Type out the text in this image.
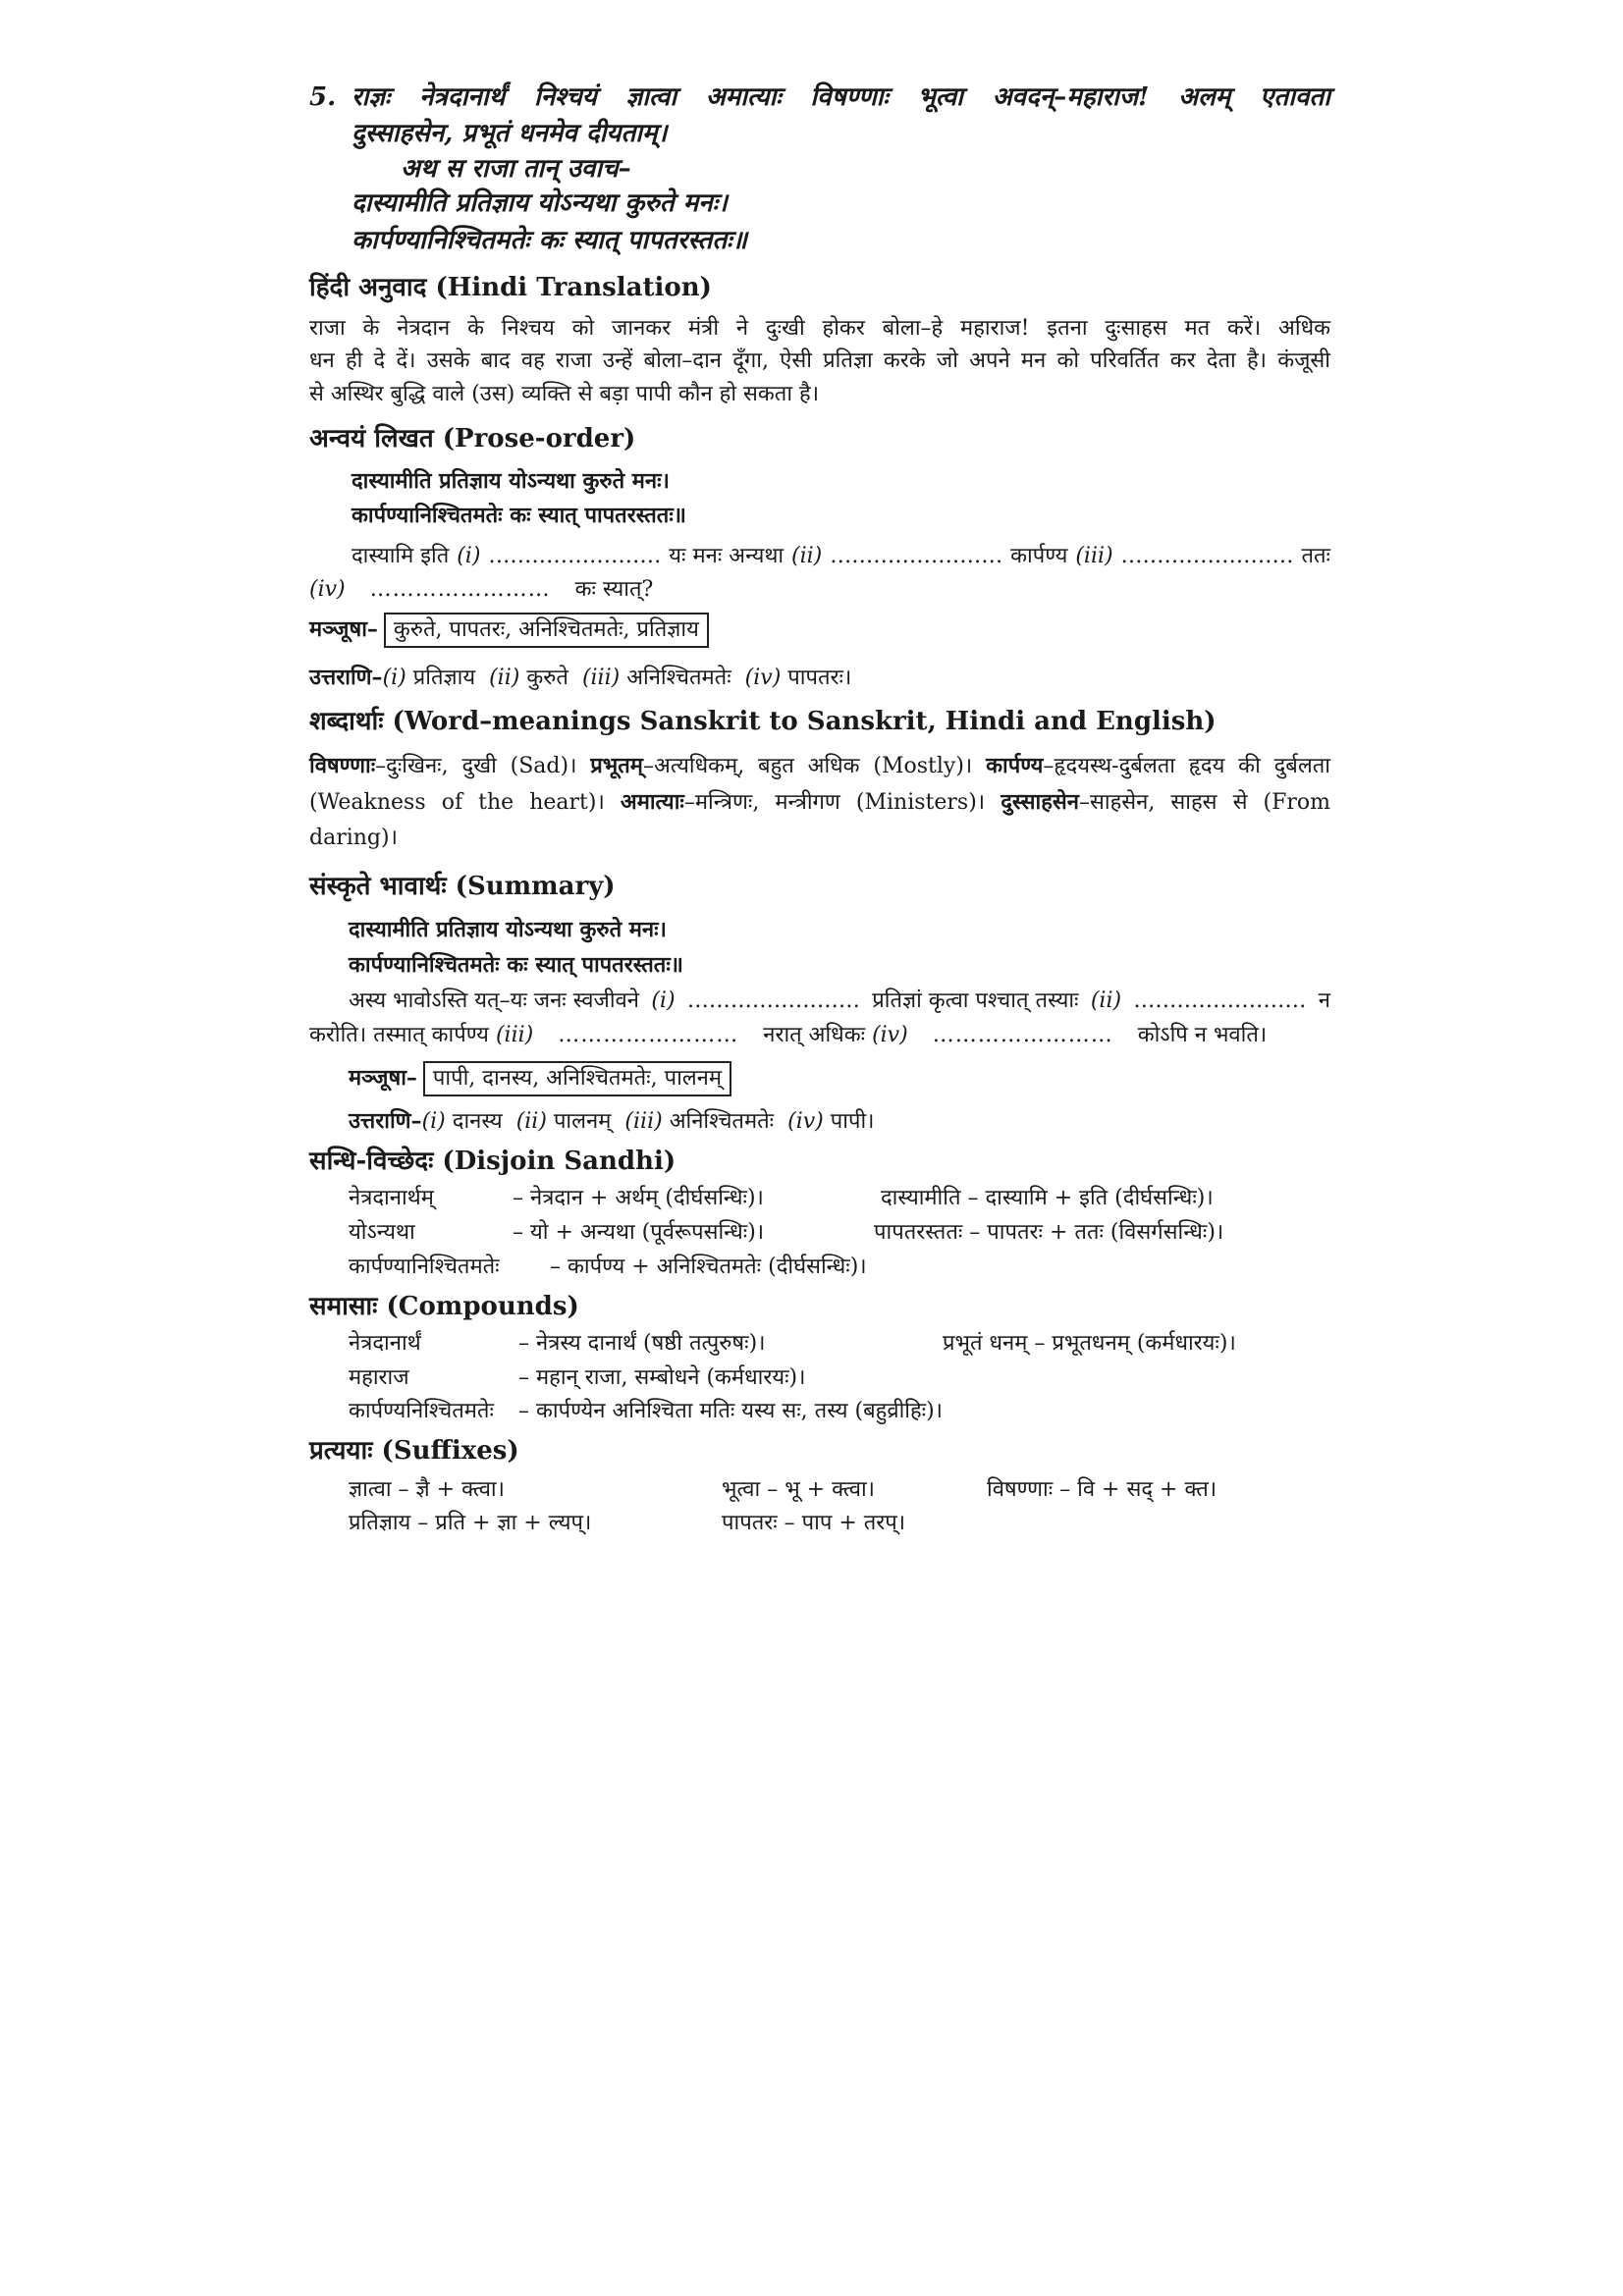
5. राज्ञः नेत्रदानार्थं निश्चयं ज्ञात्वा अमात्याः विषण्णाः भूत्वा अवदन्–महाराज! अलम् एतावता
दुस्साहसेन, प्रभूतं धनमेव दीयताम्।
अथ स राजा तान् उवाच–
दास्यामीति प्रतिज्ञाय योऽन्यथा कुरुते मनः।
कार्पण्यानिश्चितमतेः कः स्यात् पापतरस्ततः॥
हिंदी अनुवाद (Hindi Translation)
राजा के नेत्रदान के निश्चय को जानकर मंत्री ने दुःखी होकर बोला–हे महाराज! इतना दुःसाहस मत करें। अधिक
धन ही दे दें। उसके बाद वह राजा उन्हें बोला–दान दूँगा, ऐसी प्रतिज्ञा करके जो अपने मन को परिवर्तित कर देता है। कंजूसी
से अस्थिर बुद्धि वाले (उस) व्यक्ति से बड़ा पापी कौन हो सकता है।
अन्वयं लिखत (Prose-order)
दास्यामीति प्रतिज्ञाय योऽन्यथा कुरुते मनः।
कार्पण्यानिश्चितमतेः कः स्यात् पापतरस्ततः॥
दास्यामि इति (i) …………………… यः मनः अन्यथा (ii) …………………… कार्पण्य (iii) …………………… ततः
(iv) …………………… कः स्यात्?
मञ्जूषा– कुरुते, पापतरः, अनिश्चितमतेः, प्रतिज्ञाय
उत्तराणि–(i) प्रतिज्ञाय (ii) कुरुते (iii) अनिश्चितमतेः (iv) पापतरः।
शब्दार्थाः (Word–meanings Sanskrit to Sanskrit, Hindi and English)
विषण्णाः–दुःखिनः, दुखी (Sad)। प्रभूतम्–अत्यधिकम्, बहुत अधिक (Mostly)। कार्पण्य–हृदयस्थ-दुर्बलता हृदय की दुर्बलता (Weakness of the heart)। अमात्याः–मन्त्रिणः, मन्त्रीगण (Ministers)। दुस्साहसेन–साहसेन, साहस से (From daring)।
संस्कृते भावार्थः (Summary)
दास्यामीति प्रतिज्ञाय योऽन्यथा कुरुते मनः।
कार्पण्यानिश्चितमतेः कः स्यात् पापतरस्ततः॥
अस्य भावोऽस्ति यत्–यः जनः स्वजीवने (i) …………………… प्रतिज्ञां कृत्वा पश्चात् तस्याः (ii) …………………… न
करोति। तस्मात् कार्पण्य (iii) …………………… नरात् अधिकः (iv) …………………… कोऽपि न भवति।
मञ्जूषा– पापी, दानस्य, अनिश्चितमतेः, पालनम्
उत्तराणि–(i) दानस्य (ii) पालनम् (iii) अनिश्चितमतेः (iv) पापी।
सन्धि-विच्छेदः (Disjoin Sandhi)
नेत्रदानार्थम्	– नेत्रदान + अर्थम् (दीर्घसन्धिः)।	दास्यामीति – दास्यामि + इति (दीर्घसन्धिः)।
योऽन्यथा	– यो + अन्यथा (पूर्वरूपसन्धिः)।	पापतरस्ततः – पापतरः + ततः (विसर्गसन्धिः)।
कार्पण्यानिश्चितमतेः – कार्पण्य + अनिश्चितमतेः (दीर्घसन्धिः)।
समासाः (Compounds)
नेत्रदानार्थं	– नेत्रस्य दानार्थं (षष्ठी तत्पुरुषः)।	प्रभूतं धनम् – प्रभूतधनम् (कर्मधारयः)।
महाराज	– महान् राजा, सम्बोधने (कर्मधारयः)।
कार्पण्यनिश्चितमतेः – कार्पण्येन अनिश्चिता मतिः यस्य सः, तस्य (बहुव्रीहिः)।
प्रत्ययाः (Suffixes)
ज्ञात्वा – ज्ञै + क्त्वा।	भूत्वा – भू + क्त्वा।	विषण्णाः – वि + सद् + क्त।
प्रतिज्ञाय – प्रति + ज्ञा + ल्यप्।	पापतरः – पाप + तरप्।
